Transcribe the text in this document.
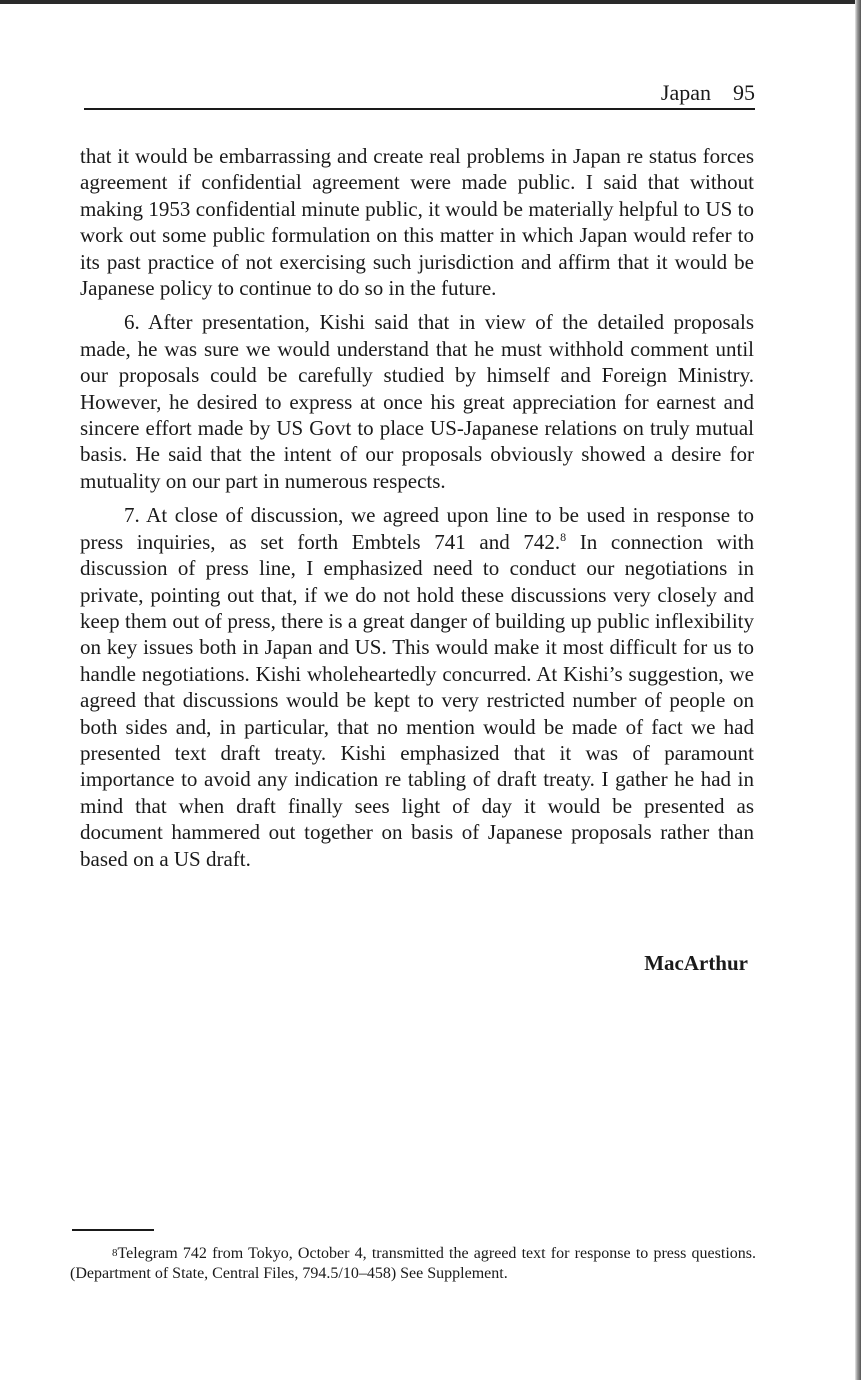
Japan 95

that it would be embarrassing and create real problems in Japan re status forces agreement if confidential agreement were made public. I said that without making 1953 confidential minute public, it would be materially helpful to US to work out some public formulation on this matter in which Japan would refer to its past practice of not exercising such jurisdiction and affirm that it would be Japanese policy to continue to do so in the future.

6. After presentation, Kishi said that in view of the detailed proposals made, he was sure we would understand that he must withhold comment until our proposals could be carefully studied by himself and Foreign Ministry. However, he desired to express at once his great appreciation for earnest and sincere effort made by US Govt to place US-Japanese relations on truly mutual basis. He said that the intent of our proposals obviously showed a desire for mutuality on our part in numerous respects.

7. At close of discussion, we agreed upon line to be used in response to press inquiries, as set forth Embtels 741 and 742.$^8$ In connection with discussion of press line, I emphasized need to conduct our negotiations in private, pointing out that, if we do not hold these discussions very closely and keep them out of press, there is a great danger of building up public inflexibility on key issues both in Japan and US. This would make it most difficult for us to handle negotiations. Kishi wholeheartedly concurred. At Kishi’s suggestion, we agreed that discussions would be kept to very restricted number of people on both sides and, in particular, that no mention would be made of fact we had presented text draft treaty. Kishi emphasized that it was of paramount importance to avoid any indication re tabling of draft treaty. I gather he had in mind that when draft finally sees light of day it would be presented as document hammered out together on basis of Japanese proposals rather than based on a US draft.

MacArthur
$^8$Telegram 742 from Tokyo, October 4, transmitted the agreed text for response to press questions. (Department of State, Central Files, 794.5/10–458) See Supplement.
